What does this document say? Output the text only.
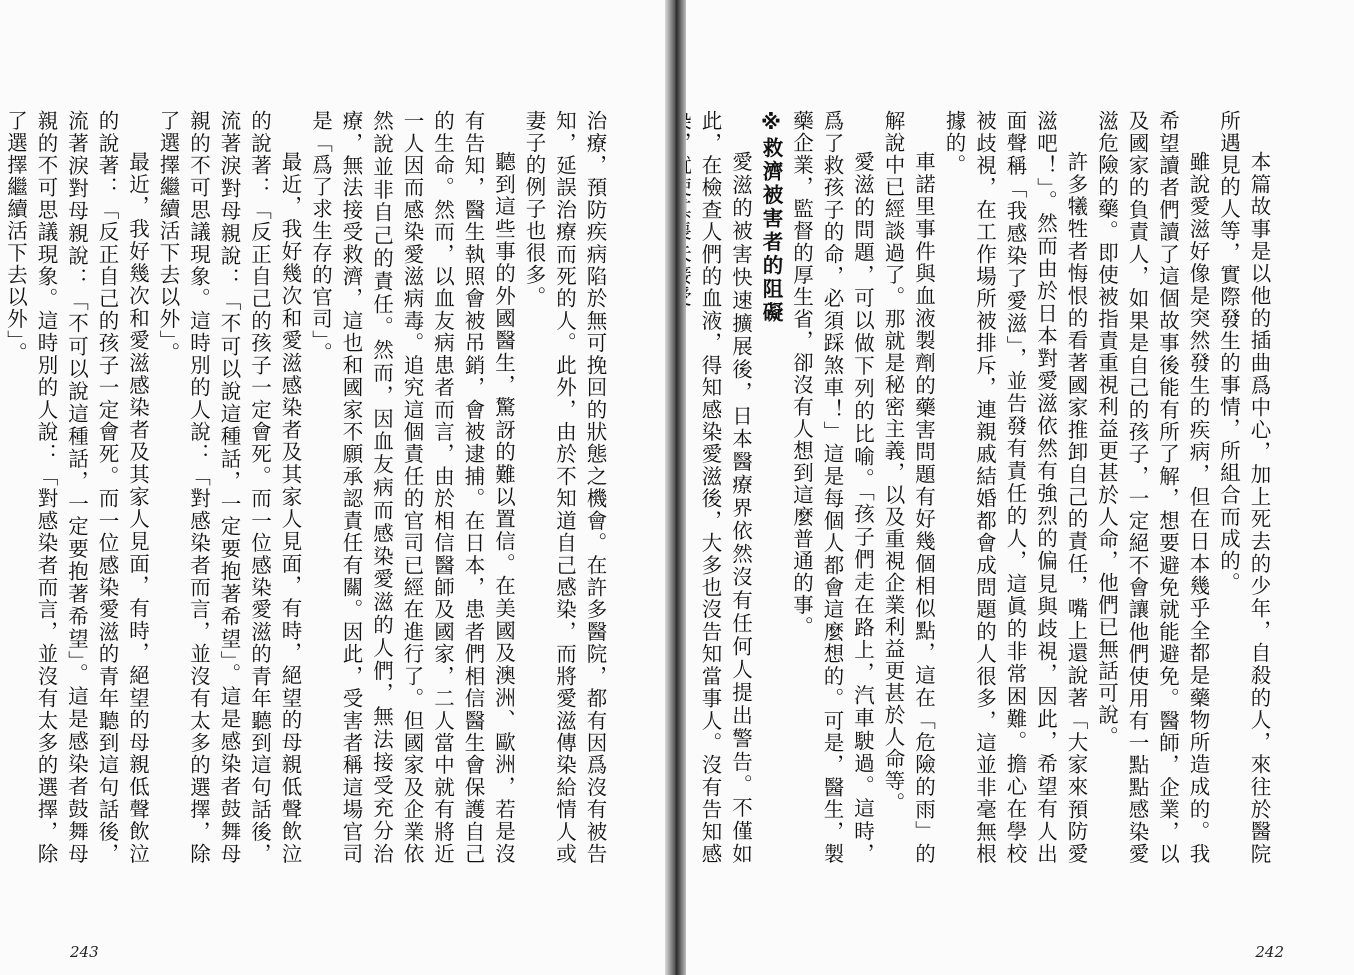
本篇故事是以他的插曲爲中心，加上死去的少年，自殺的人，來往於醫院所遇見的人等，實際發生的事情，所組合而成的。

雖說愛滋好像是突然發生的疾病，但在日本幾乎全都是藥物所造成的。我希望讀者們讀了這個故事後能有所了解，想要避免就能避免。醫師，企業，以及國家的負責人，如果是自己的孩子，一定絕不會讓他們使用有一點點感染愛滋危險的藥。即使被指責重視利益更甚於人命，他們已無話可說。

許多犧牲者悔恨的看著國家推卸自己的責任，嘴上還說著「大家來預防愛滋吧！」。然而由於日本對愛滋依然有強烈的偏見與歧視，因此，希望有人出面聲稱「我感染了愛滋」，並告發有責任的人，這眞的非常困難。擔心在學校被歧視，在工作場所被排斥，連親戚結婚都會成問題的人很多，這並非毫無根據的。

車諾里事件與血液製劑的藥害問題有好幾個相似點，這在「危險的雨」的解說中已經談過了。那就是秘密主義，以及重視企業利益更甚於人命等。

愛滋的問題，可以做下列的比喻。「孩子們走在路上，汽車駛過。這時，爲了救孩子的命，必須踩煞車！」這是每個人都會這麼想的。可是，醫生，製藥企業，監督的厚生省，卻沒有人想到這麼普通的事。

※救濟被害者的阻礙

愛滋的被害快速擴展後，日本醫療界依然沒有任何人提出警告。不僅如此，在檢查人們的血液，得知感染愛滋後，大多也沒告知當事人。沒有告知感

242

治療，預防疾病陷於無可挽回的狀態之機會。在許多醫院，都有因爲沒有被告知，延誤治療而死的人。此外，由於不知道自己感染，而將愛滋傳染給情人或妻子的例子也很多。

聽到這些事的外國醫生，驚訝的難以置信。在美國及澳洲、歐洲，若是沒有告知，醫生執照會被吊銷，會被逮捕。在日本，患者們相信醫生會保護自己的生命。然而，以血友病患者而言，由於相信醫師及國家，二人當中就有將近一人因而感染愛滋病毒。追究這個責任的官司已經在進行了。但國家及企業依然說並非自己的責任。然而，因血友病而感染愛滋的人們，無法接受充分治療，無法接受救濟，這也和國家不願承認責任有關。因此，受害者稱這場官司是「爲了求生存的官司」。

最近，我好幾次和愛滋感染者及其家人見面，有時，絕望的母親低聲飲泣的說著：「反正自己的孩子一定會死。而一位感染愛滋的青年聽到這句話後，流著淚對母親說：「不可以說這種話，一定要抱著希望」。這是感染者鼓舞母親的不可思議現象。這時別的人說：「對感染者而言，並沒有太多的選擇，除了選擇繼續活下去以外」。

最近，我好幾次和愛滋感染者及其家人見面，有時，絕望的母親低聲飲泣的說著：「反正自己的孩子一定會死。而一位感染愛滋的青年聽到這句話後，流著淚對母親說：「不可以說這種話，一定要抱著希望」。這是感染者鼓舞母親的不可思議現象。這時別的人說：「對感染者而言，並沒有太多的選擇，除了選擇繼續活下去以外」。

243
